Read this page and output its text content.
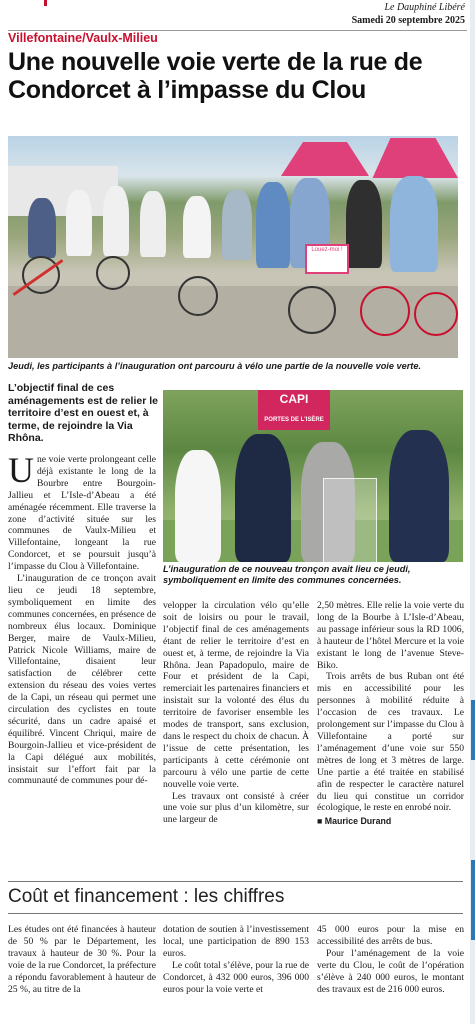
Le Dauphiné Libéré
Samedi 20 septembre 2025
Villefontaine/Vaulx-Milieu
Une nouvelle voie verte de la rue de Condorcet à l’impasse du Clou
Louez-moi !
Jeudi, les participants à l’inauguration ont parcouru à vélo une partie de la nouvelle voie verte.
L’objectif final de ces aménagements est de relier le territoire d’est en ouest et, à terme, de rejoindre la Via Rhôna.
CAPI
PORTES DE L'ISÈRE
L’inauguration de ce nouveau tronçon avait lieu ce jeudi, symboliquement en limite des communes concernées.

Une voie verte prolongeant celle déjà existante le long de la Bourbre entre Bourgoin-Jallieu et L’Isle-d’Abeau a été aménagée récemment. Elle traverse la zone d’activité située sur les communes de Vaulx-Milieu et Villefontaine, longeant la rue Condorcet, et se poursuit jusqu’à l’impasse du Clou à Villefontaine.

L’inauguration de ce tronçon avait lieu ce jeudi 18 septembre, symboliquement en limite des communes concernées, en présence de nombreux élus locaux. Dominique Berger, maire de Vaulx-Milieu, Patrick Nicole Williams, maire de Villefontaine, disaient leur satisfaction de célébrer cette extension du réseau des voies vertes de la Capi, un réseau qui permet une circulation des cyclistes en toute sécurité, dans un cadre apaisé et équilibré. Vincent Chriqui, maire de Bourgoin-Jallieu et vice-président de la Capi délégué aux mobilités, insistait sur l’effort fait par la communauté de communes pour dé-

velopper la circulation vélo qu’elle soit de loisirs ou pour le travail, l’objectif final de ces aménagements étant de relier le territoire d’est en ouest et, à terme, de rejoindre la Via Rhôna. Jean Papadopulo, maire de Four et président de la Capi, remerciait les partenaires financiers et insistait sur la volonté des élus du territoire de favoriser ensemble les modes de transport, sans exclusion, dans le respect du choix de chacun. À l’issue de cette présentation, les participants à cette cérémonie ont parcouru à vélo une partie de cette nouvelle voie verte.

Les travaux ont consisté à créer une voie sur plus d’un kilomètre, sur une largeur de

2,50 mètres. Elle relie la voie verte du long de la Bourbe à L’Isle-d’Abeau, au passage inférieur sous la RD 1006, à hauteur de l’hôtel Mercure et la voie existant le long de l’avenue Steve-Biko.

Trois arrêts de bus Ruban ont été mis en accessibilité pour les personnes à mobilité réduite à l’occasion de ces travaux. Le prolongement sur l’impasse du Clou à Villefontaine a porté sur l’aménagement d’une voie sur 550 mètres de long et 3 mètres de large. Une partie a été traitée en stabilisé afin de respecter le caractère naturel du lieu qui constitue un corridor écologique, le reste en enrobé noir.

■ Maurice Durand
Coût et financement : les chiffres

Les études ont été financées à hauteur de 50 % par le Département, les travaux à hauteur de 30 %. Pour la voie de la rue Condorcet, la préfecture a répondu favorablement à hauteur de 25 %, au titre de la

dotation de soutien à l’investissement local, une participation de 890 153 euros.

Le coût total s’élève, pour la rue de Condorcet, à 432 000 euros, 396 000 euros pour la voie verte et

45 000 euros pour la mise en accessibilité des arrêts de bus.

Pour l’aménagement de la voie verte du Clou, le coût de l’opération s’élève à 240 000 euros, le montant des travaux est de 216 000 euros.
